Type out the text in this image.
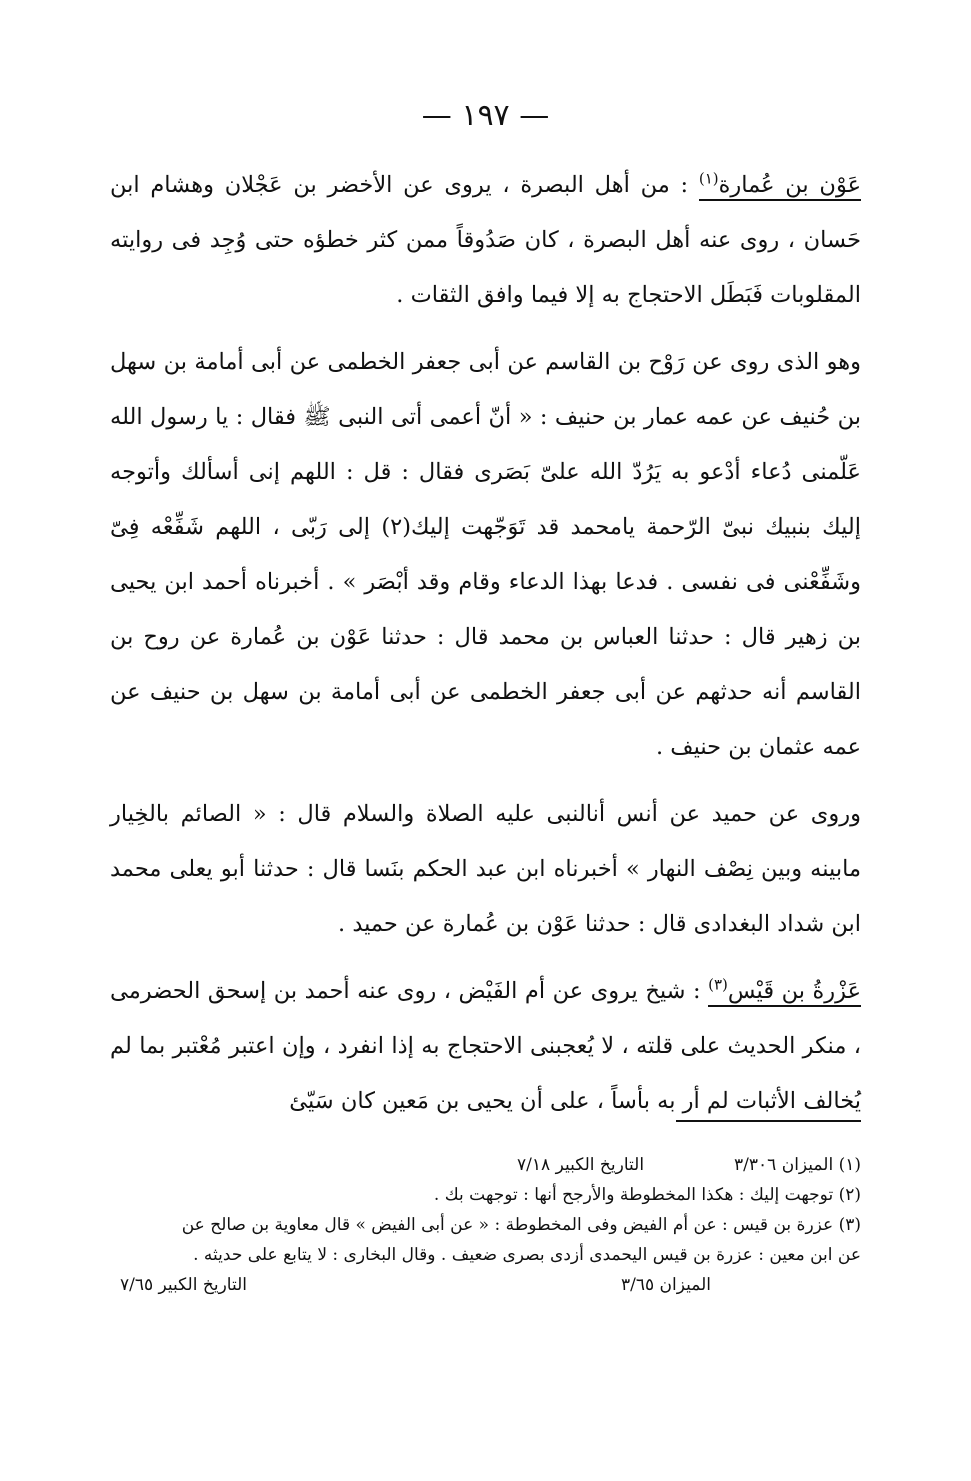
— ١٩٧ —

عَوْن بن عُمارة$^{(١)}$ : من أهل البصرة ، يروى عن الأخضر بن عَجْلان وهشام ابن حَسان ، روى عنه أهل البصرة ، كان صَدُوقاً ممن كثر خطؤه حتى وُجِد فى روايته المقلوبات فَبَطَل الاحتجاج به إلا فيما وافق الثقات .

وهو الذى روى عن رَوْح بن القاسم عن أبى جعفر الخطمى عن أبى أمامة بن سهل بن حُنيف عن عمه عمار بن حنيف : « أنّ أعمى أتى النبى ﷺ فقال : يا رسول الله عَلّمنى دُعاء أدْعو به يَرُدّ الله علىّ بَصَرى فقال : قل : اللهم إنى أسألك وأتوجه إليك بنبيك نبىّ الرّحمة يامحمد قد تَوَجّهت إليك(٢) إلى رَبّى ، اللهم شَفِّعْه فِىّ وشَفِّعْنى فى نفسى . فدعا بهذا الدعاء وقام وقد أبْصَر » . أخبرناه أحمد ابن يحيى بن زهير قال : حدثنا العباس بن محمد قال : حدثنا عَوْن بن عُمارة عن روح بن القاسم أنه حدثهم عن أبى جعفر الخطمى عن أبى أمامة بن سهل بن حنيف عن عمه عثمان بن حنيف .

وروى عن حميد عن أنس أنالنبى عليه الصلاة والسلام قال : « الصائم بالخِيار مابينه وبين نِصْف النهار » أخبرناه ابن عبد الحكم بنَسا قال : حدثنا أبو يعلى محمد ابن شداد البغدادى قال : حدثنا عَوْن بن عُمارة عن حميد .

عَزْرةُ بن قَيْس$^{(٣)}$ : شيخ يروى عن أم الفَيْض ، روى عنه أحمد بن إسحق الحضرمى ، منكر الحديث على قلته ، لا يُعجبنى الاحتجاج به إذا انفرد ، وإن اعتبر مُعْتبر بما لم يُخالف الأثبات لم أر به بأساً ، على أن يحيى بن مَعين كان سَيّئ

(١) الميزان ٣/٣٠٦التاريخ الكبير ٧/١٨
(٢) توجهت إليك : هكذا المخطوطة والأرجح أنها : توجهت بك .
(٣) عزرة بن قيس : عن أم الفيض وفى المخطوطة : « عن أبى الفيض » قال معاوية بن صالح عن
عن ابن معين : عزرة بن قيس اليحمدى أزدى بصرى ضعيف . وقال البخارى : لا يتابع على حديثه .
الميزان ٣/٦٥
التاريخ الكبير ٧/٦٥
